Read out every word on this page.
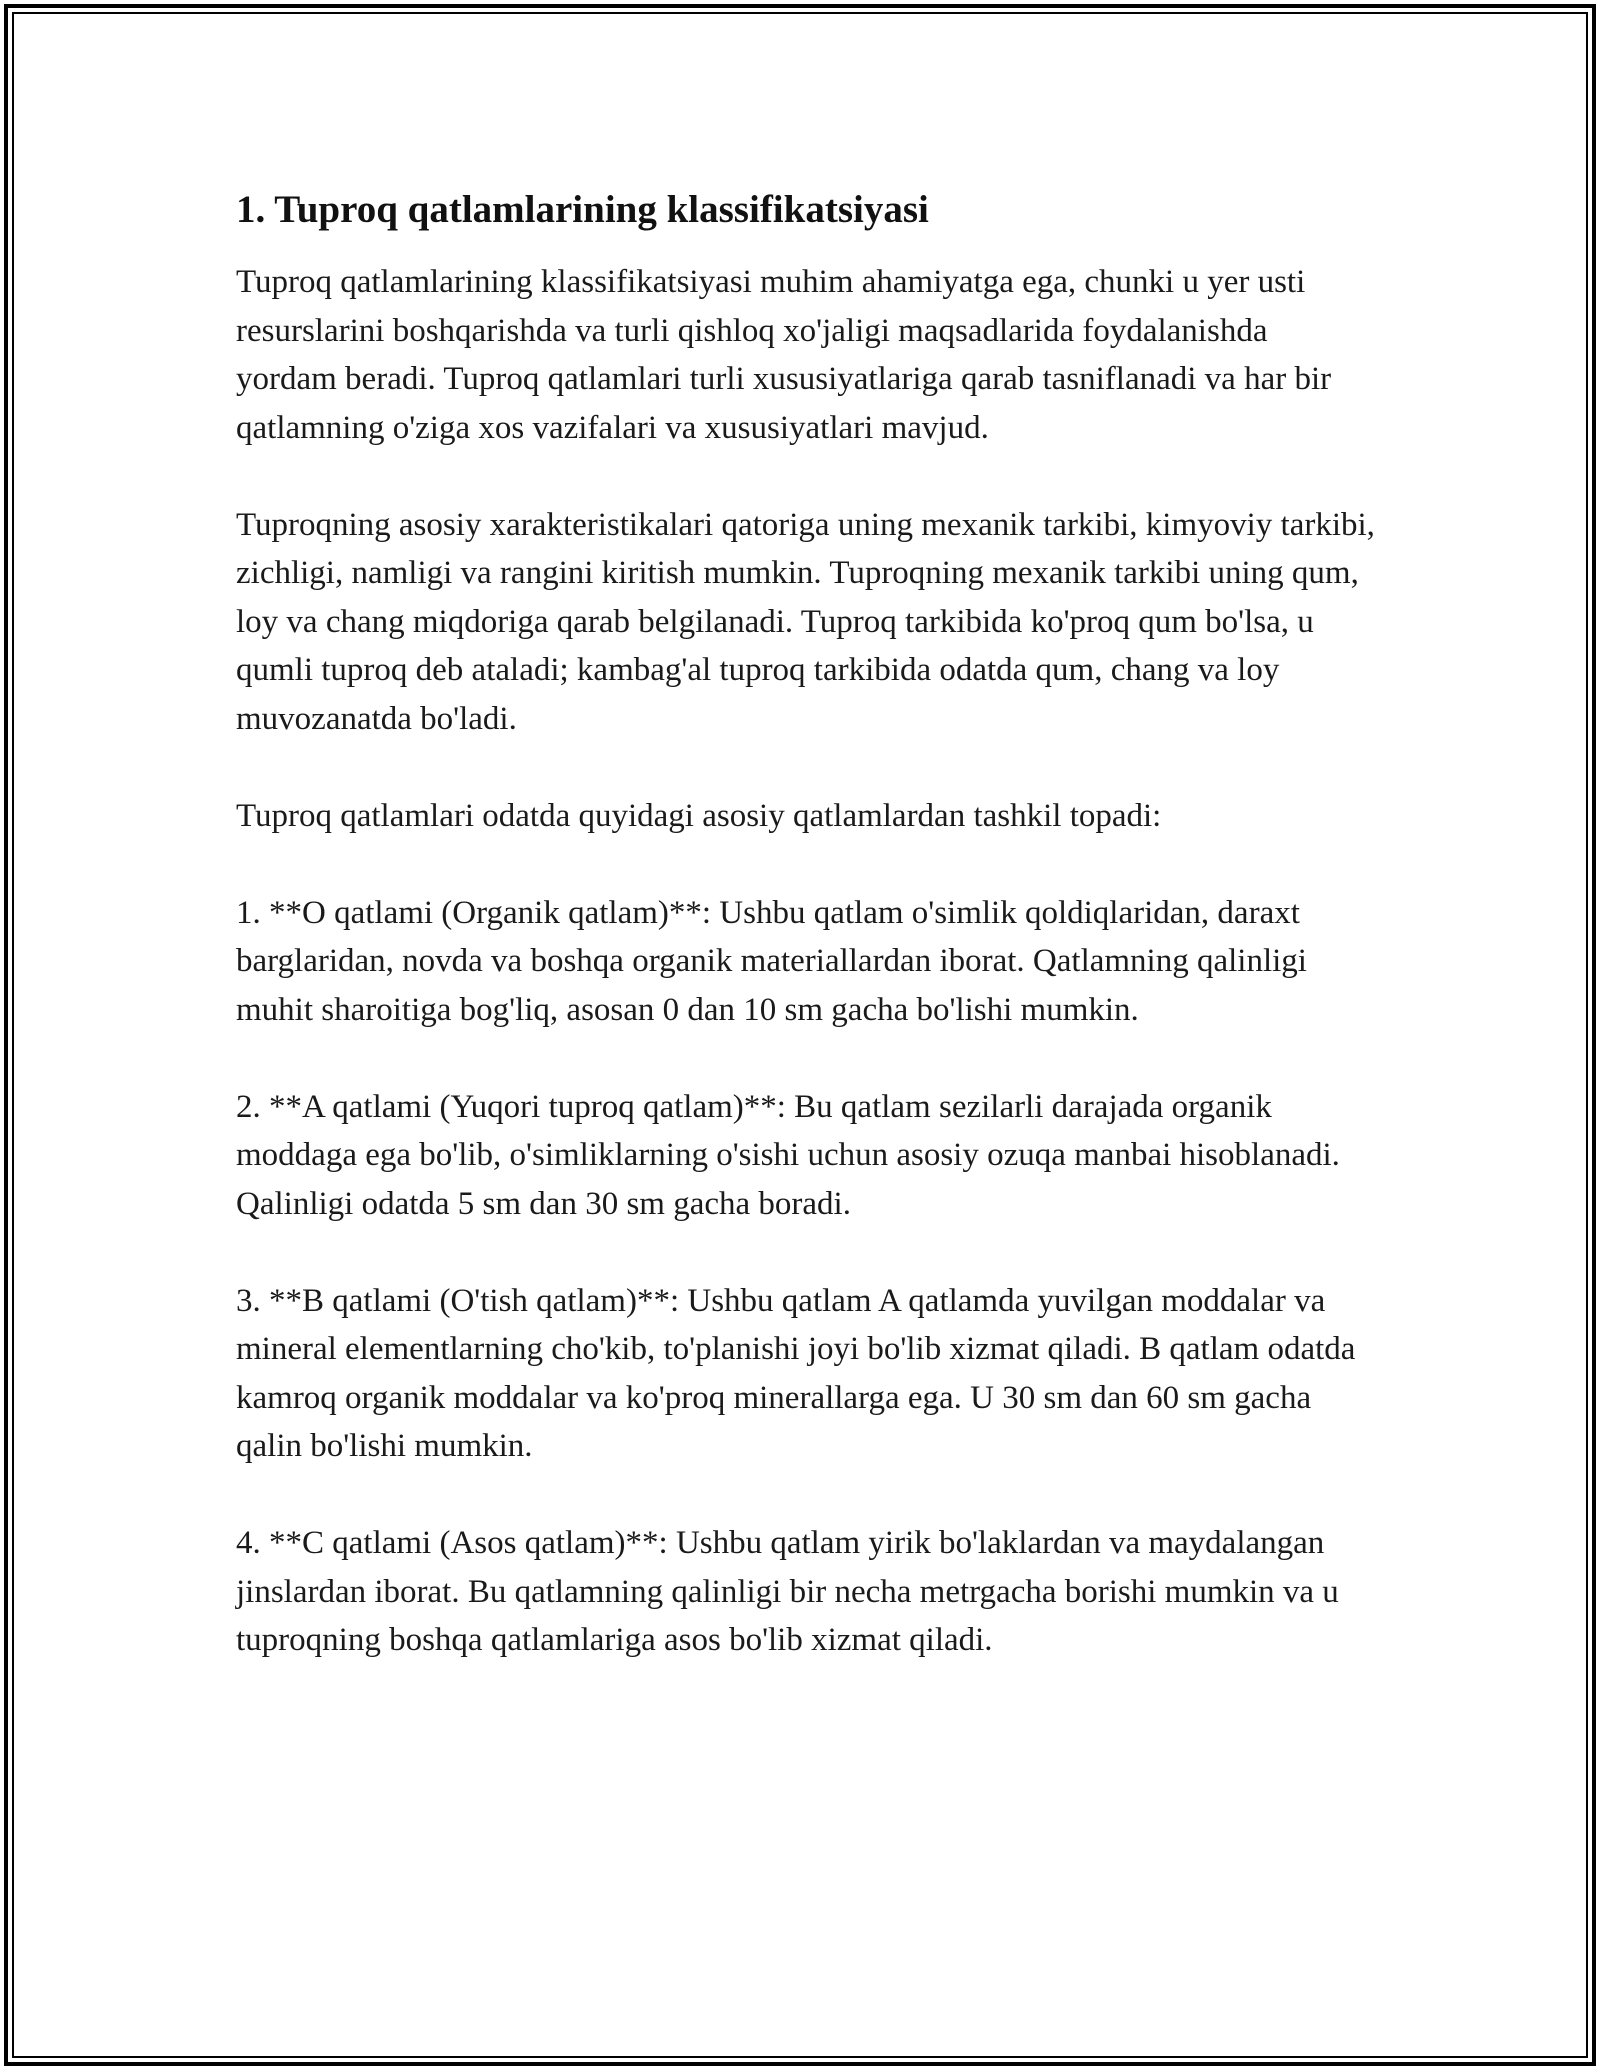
1. Tuproq qatlamlarining klassifikatsiyasi

Tuproq qatlamlarining klassifikatsiyasi muhim ahamiyatga ega, chunki u yer usti resurslarini boshqarishda va turli qishloq xo'jaligi maqsadlarida foydalanishda yordam beradi. Tuproq qatlamlari turli xususiyatlariga qarab tasniflanadi va har bir qatlamning o'ziga xos vazifalari va xususiyatlari mavjud.

Tuproqning asosiy xarakteristikalari qatoriga uning mexanik tarkibi, kimyoviy tarkibi, zichligi, namligi va rangini kiritish mumkin. Tuproqning mexanik tarkibi uning qum, loy va chang miqdoriga qarab belgilanadi. Tuproq tarkibida ko'proq qum bo'lsa, u qumli tuproq deb ataladi; kambag'al tuproq tarkibida odatda qum, chang va loy muvozanatda bo'ladi.

Tuproq qatlamlari odatda quyidagi asosiy qatlamlardan tashkil topadi:

1. **O qatlami (Organik qatlam)**: Ushbu qatlam o'simlik qoldiqlaridan, daraxt barglaridan, novda va boshqa organik materiallardan iborat. Qatlamning qalinligi muhit sharoitiga bog'liq, asosan 0 dan 10 sm gacha bo'lishi mumkin.

2. **A qatlami (Yuqori tuproq qatlam)**: Bu qatlam sezilarli darajada organik moddaga ega bo'lib, o'simliklarning o'sishi uchun asosiy ozuqa manbai hisoblanadi. Qalinligi odatda 5 sm dan 30 sm gacha boradi.

3. **B qatlami (O'tish qatlam)**: Ushbu qatlam A qatlamda yuvilgan moddalar va mineral elementlarning cho'kib, to'planishi joyi bo'lib xizmat qiladi. B qatlam odatda kamroq organik moddalar va ko'proq minerallarga ega. U 30 sm dan 60 sm gacha qalin bo'lishi mumkin.

4. **C qatlami (Asos qatlam)**: Ushbu qatlam yirik bo'laklardan va maydalangan jinslardan iborat. Bu qatlamning qalinligi bir necha metrgacha borishi mumkin va u tuproqning boshqa qatlamlariga asos bo'lib xizmat qiladi.
